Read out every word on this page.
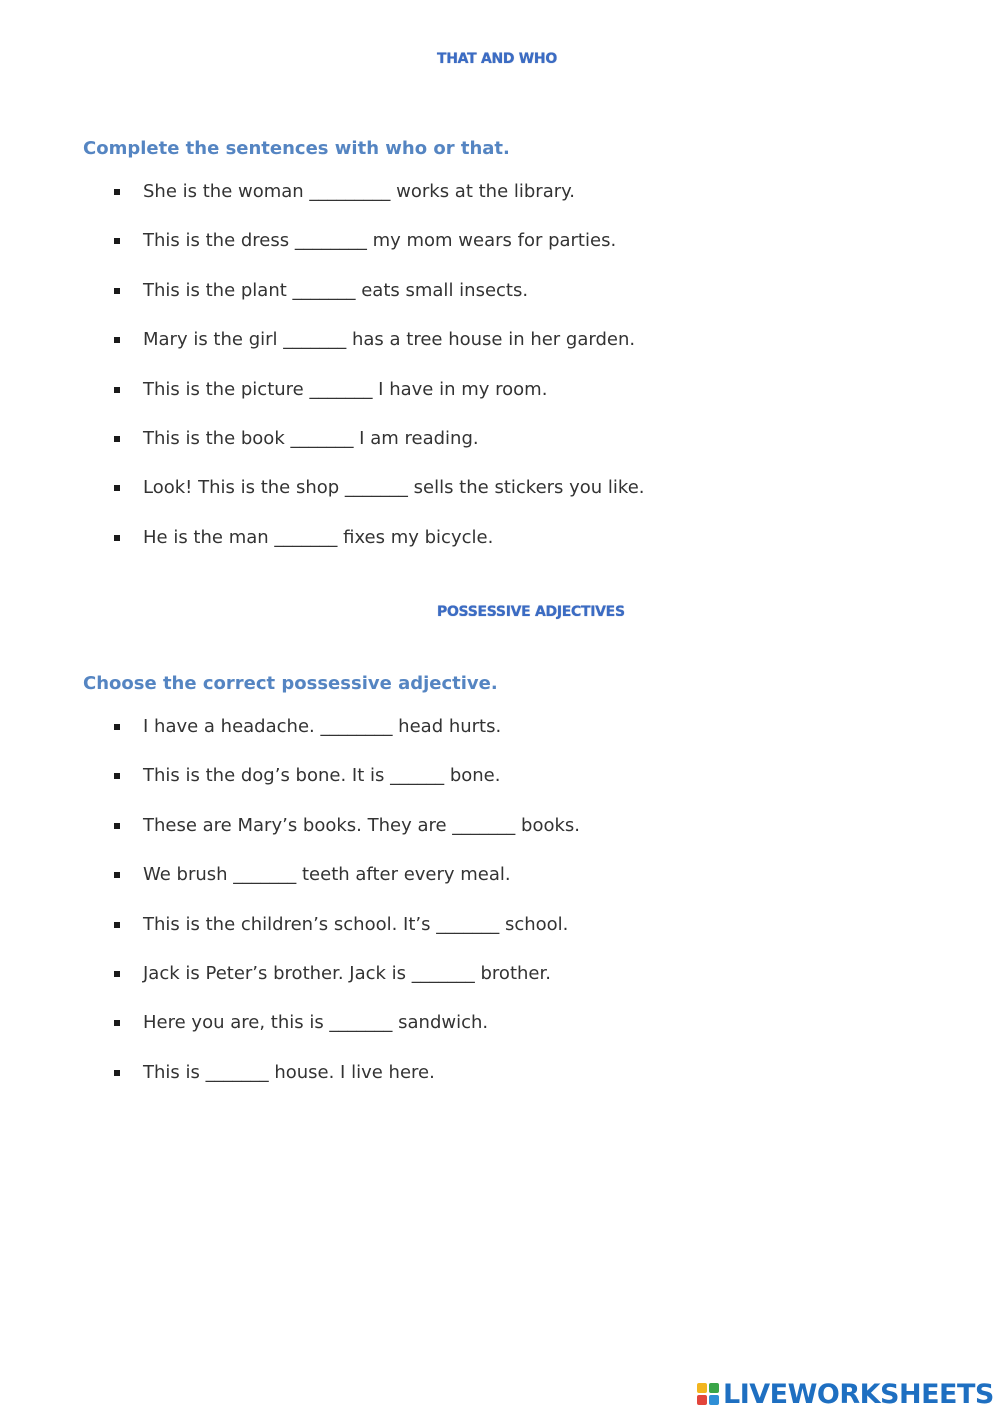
THAT AND WHO
Complete the sentences with who or that.
She is the woman _________ works at the library.
This is the dress ________ my mom wears for parties.
This is the plant _______ eats small insects.
Mary is the girl _______ has a tree house in her garden.
This is the picture _______ I have in my room.
This is the book _______ I am reading.
Look! This is the shop _______ sells the stickers you like.
He is the man _______ fixes my bicycle.
POSSESSIVE ADJECTIVES
Choose the correct possessive adjective.
I have a headache. ________ head hurts.
This is the dog’s bone. It is ______ bone.
These are Mary’s books. They are _______ books.
We brush _______ teeth after every meal.
This is the children’s school. It’s _______ school.
Jack is Peter’s brother. Jack is _______ brother.
Here you are, this is _______ sandwich.
This is _______ house. I live here.
LIVEWORKSHEETS
